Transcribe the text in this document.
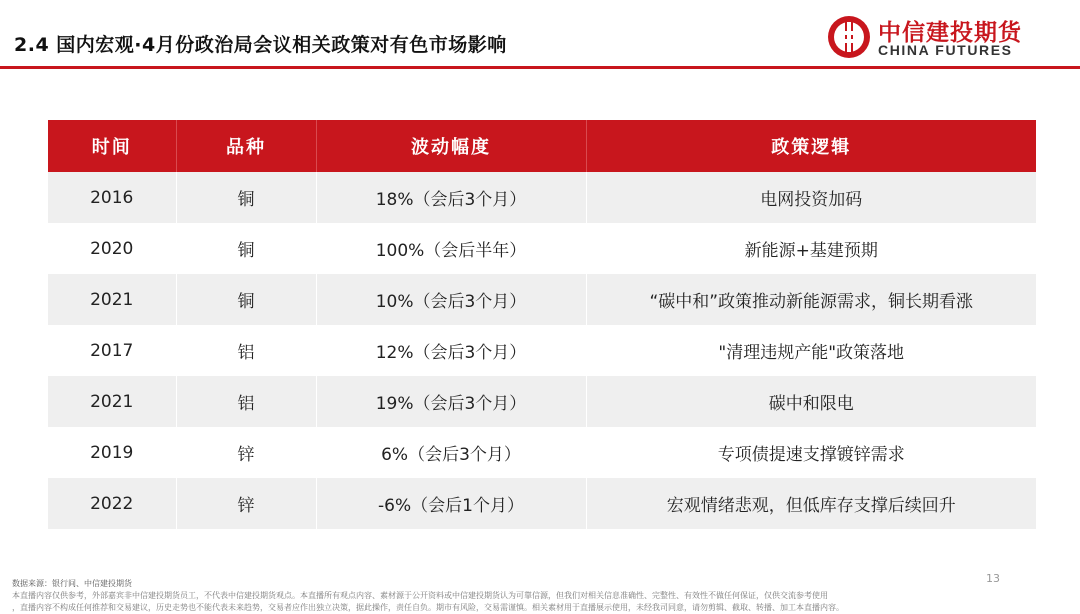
2.4 国内宏观·4月份政治局会议相关政策对有色市场影响	中信建投期货
CHINA FUTURES
时间	品种	波动幅度	政策逻辑
2016	铜	18%（会后3个月）	电网投资加码
2020	铜	100%（会后半年）	新能源+基建预期
2021	铜	10%（会后3个月）	“碳中和”政策推动新能源需求，铜长期看涨
2017	铝	12%（会后3个月）	"清理违规产能"政策落地
2021	铝	19%（会后3个月）	碳中和限电
2019	锌	6%（会后3个月）	专项债提速支撑镀锌需求
2022	锌	-6%（会后1个月）	宏观情绪悲观，但低库存支撑后续回升
数据来源：银行间、中信建投期货
本直播内容仅供参考，外部嘉宾非中信建投期货员工，不代表中信建投期货观点。本直播所有观点内容、素材源于公开资料或中信建投期货认为可靠信源，但我们对相关信息准确性、完整性、有效性不做任何保证，仅供交流参考使用
，直播内容不构成任何推荐和交易建议，历史走势也不能代表未来趋势，交易者应作出独立决策，据此操作，责任自负。期市有风险，交易需谨慎。相关素材用于直播展示使用，未经我司同意，请勿剪辑、截取、转播、加工本直播内容。
13
